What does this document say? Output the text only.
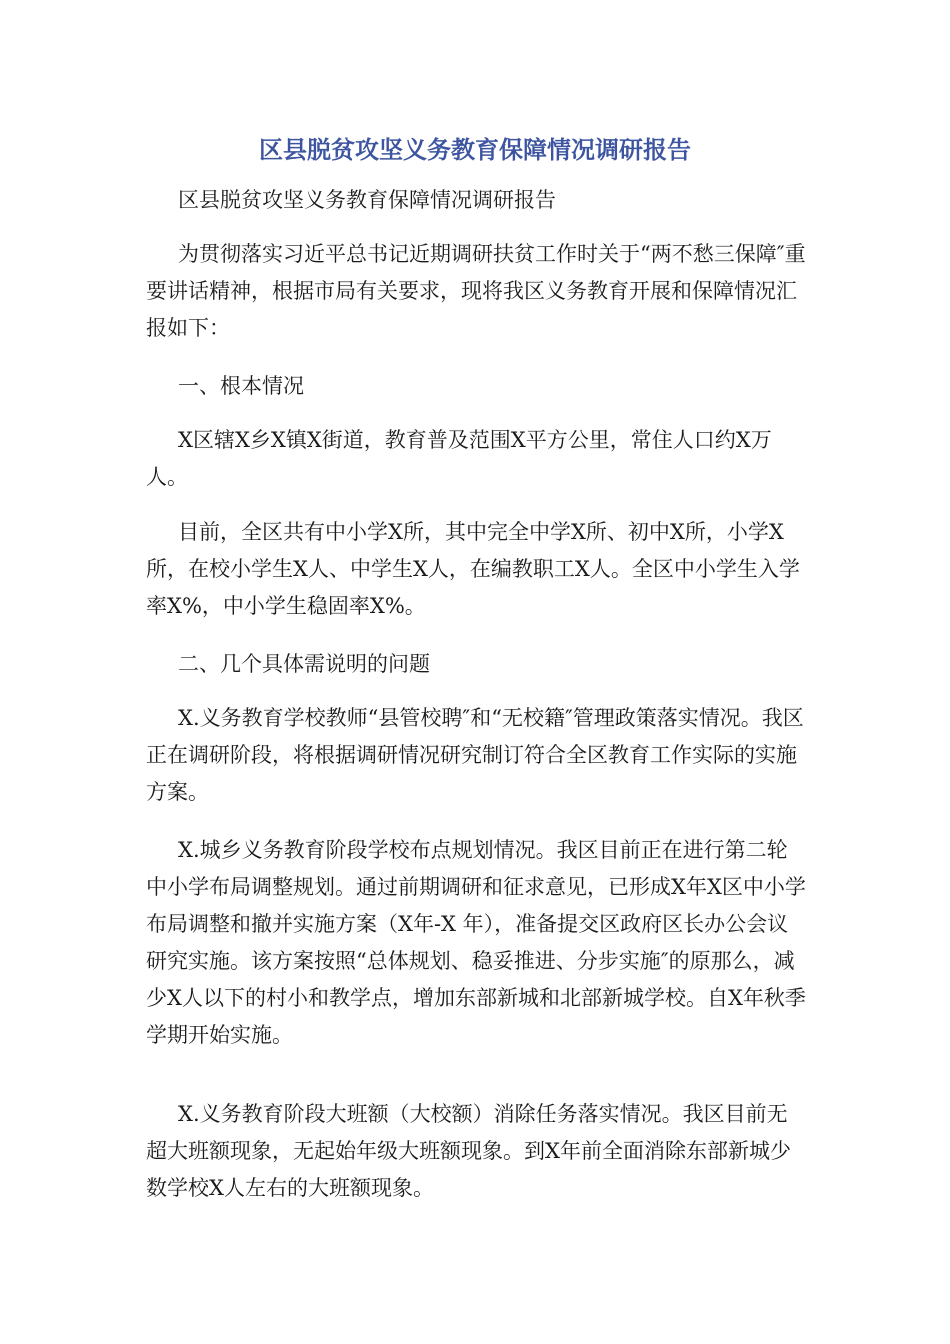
区县脱贫攻坚义务教育保障情况调研报告

区县脱贫攻坚义务教育保障情况调研报告

为贯彻落实习近平总书记近期调研扶贫工作时关于“两不愁三保障″重要讲话精神，根据市局有关要求，现将我区义务教育开展和保障情况汇报如下：

一、根本情况

X区辖X乡X镇X街道，教育普及范围X平方公里，常住人口约X万人。

目前，全区共有中小学X所，其中完全中学X所、初中X所，小学X所，在校小学生X人、中学生X人，在编教职工X人。全区中小学生入学率X%，中小学生稳固率X%。

二、几个具体需说明的问题

X.义务教育学校教师“县管校聘″和“无校籍″管理政策落实情况。我区正在调研阶段，将根据调研情况研究制订符合全区教育工作实际的实施方案。

X.城乡义务教育阶段学校布点规划情况。我区目前正在进行第二轮中小学布局调整规划。通过前期调研和征求意见，已形成X年X区中小学布局调整和撤并实施方案（X年-X 年），准备提交区政府区长办公会议研究实施。该方案按照“总体规划、稳妥推进、分步实施″的原那么，减少X人以下的村小和教学点，增加东部新城和北部新城学校。自X年秋季学期开始实施。

X.义务教育阶段大班额（大校额）消除任务落实情况。我区目前无超大班额现象，无起始年级大班额现象。到X年前全面消除东部新城少数学校X人左右的大班额现象。
